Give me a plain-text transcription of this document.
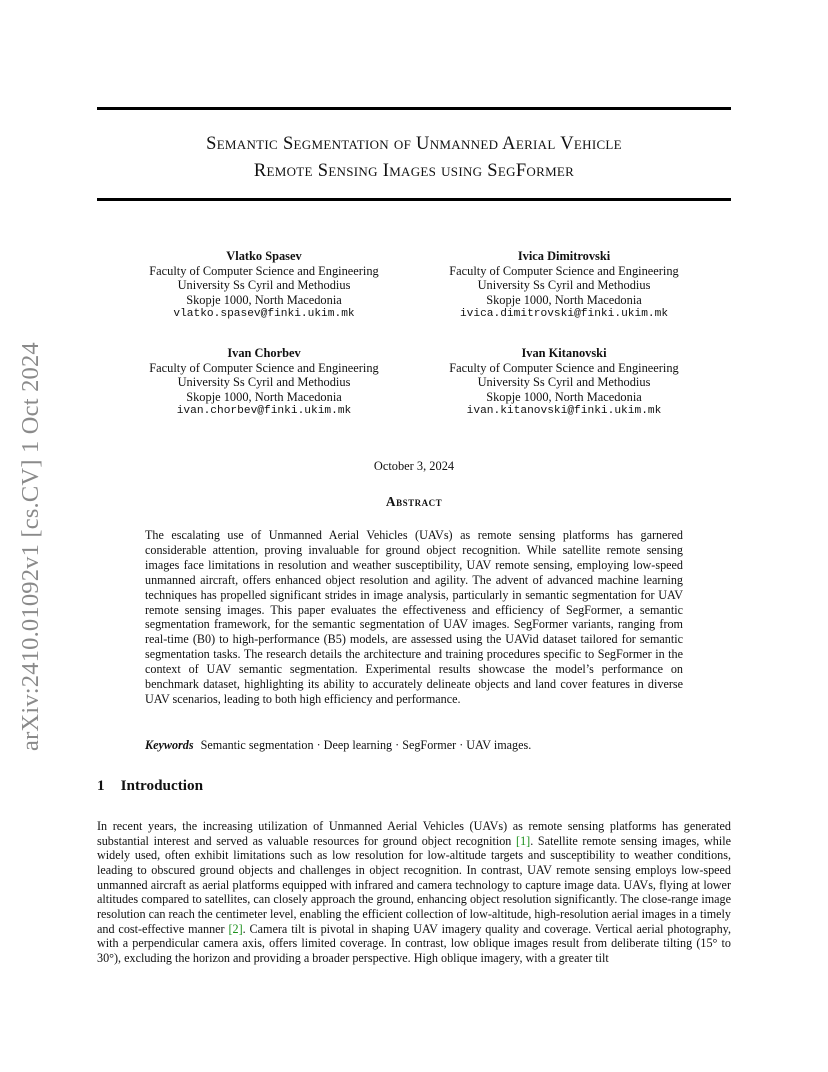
arXiv:2410.01092v1 [cs.CV] 1 Oct 2024
Semantic Segmentation of Unmanned Aerial Vehicle
Remote Sensing Images using SegFormer
Vlatko Spasev
Faculty of Computer Science and Engineering
University Ss Cyril and Methodius
Skopje 1000, North Macedonia
vlatko.spasev@finki.ukim.mk
Ivica Dimitrovski
Faculty of Computer Science and Engineering
University Ss Cyril and Methodius
Skopje 1000, North Macedonia
ivica.dimitrovski@finki.ukim.mk
Ivan Chorbev
Faculty of Computer Science and Engineering
University Ss Cyril and Methodius
Skopje 1000, North Macedonia
ivan.chorbev@finki.ukim.mk
Ivan Kitanovski
Faculty of Computer Science and Engineering
University Ss Cyril and Methodius
Skopje 1000, North Macedonia
ivan.kitanovski@finki.ukim.mk
October 3, 2024
Abstract
The escalating use of Unmanned Aerial Vehicles (UAVs) as remote sensing platforms has garnered considerable attention, proving invaluable for ground object recognition. While satellite remote sensing images face limitations in resolution and weather susceptibility, UAV remote sensing, employing low-speed unmanned aircraft, offers enhanced object resolution and agility. The advent of advanced machine learning techniques has propelled significant strides in image analysis, particularly in semantic segmentation for UAV remote sensing images. This paper evaluates the effectiveness and efficiency of SegFormer, a semantic segmentation framework, for the semantic segmentation of UAV images. SegFormer variants, ranging from real-time (B0) to high-performance (B5) models, are assessed using the UAVid dataset tailored for semantic segmentation tasks. The research details the architecture and training procedures specific to SegFormer in the context of UAV semantic segmentation. Experimental results showcase the model’s performance on benchmark dataset, highlighting its ability to accurately delineate objects and land cover features in diverse UAV scenarios, leading to both high efficiency and performance.
Keywords Semantic segmentation · Deep learning · SegFormer · UAV images.
1 Introduction
In recent years, the increasing utilization of Unmanned Aerial Vehicles (UAVs) as remote sensing platforms has generated substantial interest and served as valuable resources for ground object recognition [1]. Satellite remote sensing images, while widely used, often exhibit limitations such as low resolution for low-altitude targets and susceptibility to weather conditions, leading to obscured ground objects and challenges in object recognition. In contrast, UAV remote sensing employs low-speed unmanned aircraft as aerial platforms equipped with infrared and camera technology to capture image data. UAVs, flying at lower altitudes compared to satellites, can closely approach the ground, enhancing object resolution significantly. The close-range image resolution can reach the centimeter level, enabling the efficient collection of low-altitude, high-resolution aerial images in a timely and cost-effective manner [2]. Camera tilt is pivotal in shaping UAV imagery quality and coverage. Vertical aerial photography, with a perpendicular camera axis, offers limited coverage. In contrast, low oblique images result from deliberate tilting (15° to 30°), excluding the horizon and providing a broader perspective. High oblique imagery, with a greater tilt
